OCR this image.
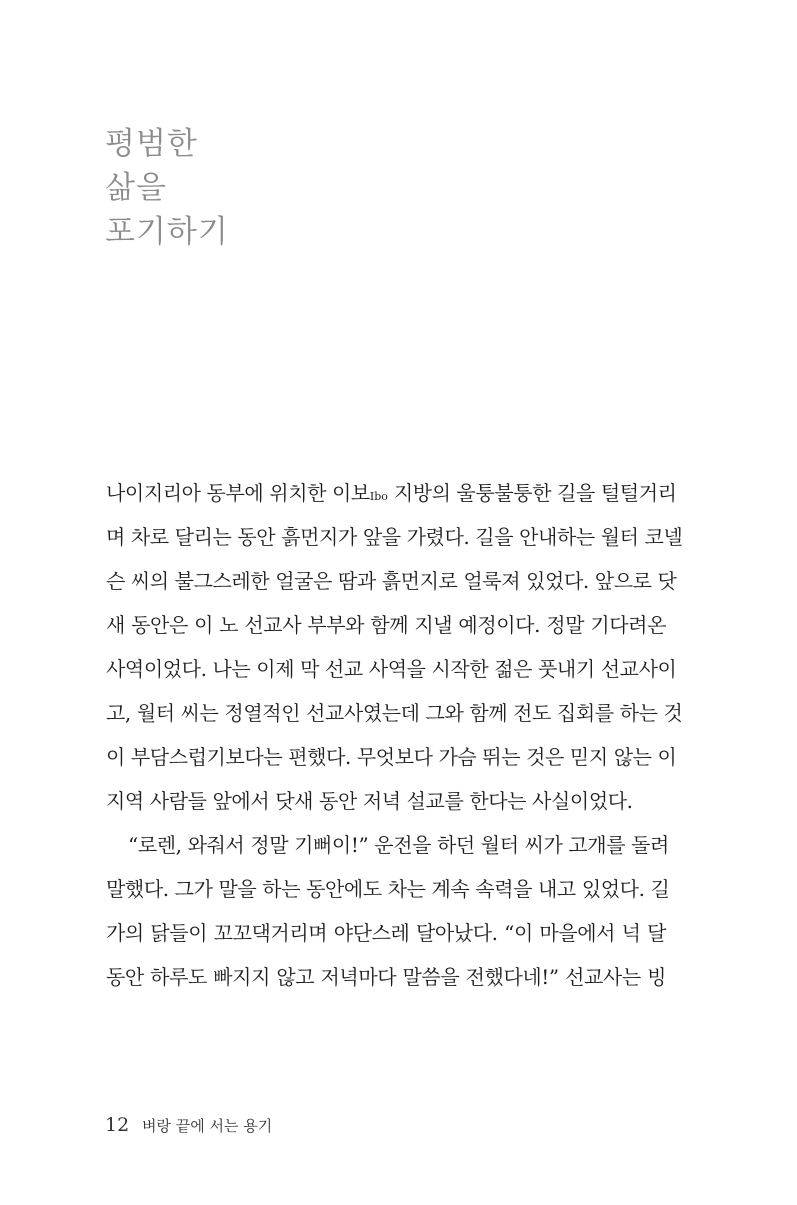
평범한
삶을
포기하기
나이지리아 동부에 위치한 이보Ibo 지방의 울퉁불퉁한 길을 털털거리
며 차로 달리는 동안 흙먼지가 앞을 가렸다. 길을 안내하는 월터 코넬
슨 씨의 불그스레한 얼굴은 땀과 흙먼지로 얼룩져 있었다. 앞으로 닷
새 동안은 이 노 선교사 부부와 함께 지낼 예정이다. 정말 기다려온
사역이었다. 나는 이제 막 선교 사역을 시작한 젊은 풋내기 선교사이
고, 월터 씨는 정열적인 선교사였는데 그와 함께 전도 집회를 하는 것
이 부담스럽기보다는 편했다. 무엇보다 가슴 뛰는 것은 믿지 않는 이
지역 사람들 앞에서 닷새 동안 저녁 설교를 한다는 사실이었다.
“로렌, 와줘서 정말 기뻐이!” 운전을 하던 월터 씨가 고개를 돌려
말했다. 그가 말을 하는 동안에도 차는 계속 속력을 내고 있었다. 길
가의 닭들이 꼬꼬댁거리며 야단스레 달아났다. “이 마을에서 넉 달
동안 하루도 빠지지 않고 저녁마다 말씀을 전했다네!” 선교사는 빙
12 벼랑 끝에 서는 용기
